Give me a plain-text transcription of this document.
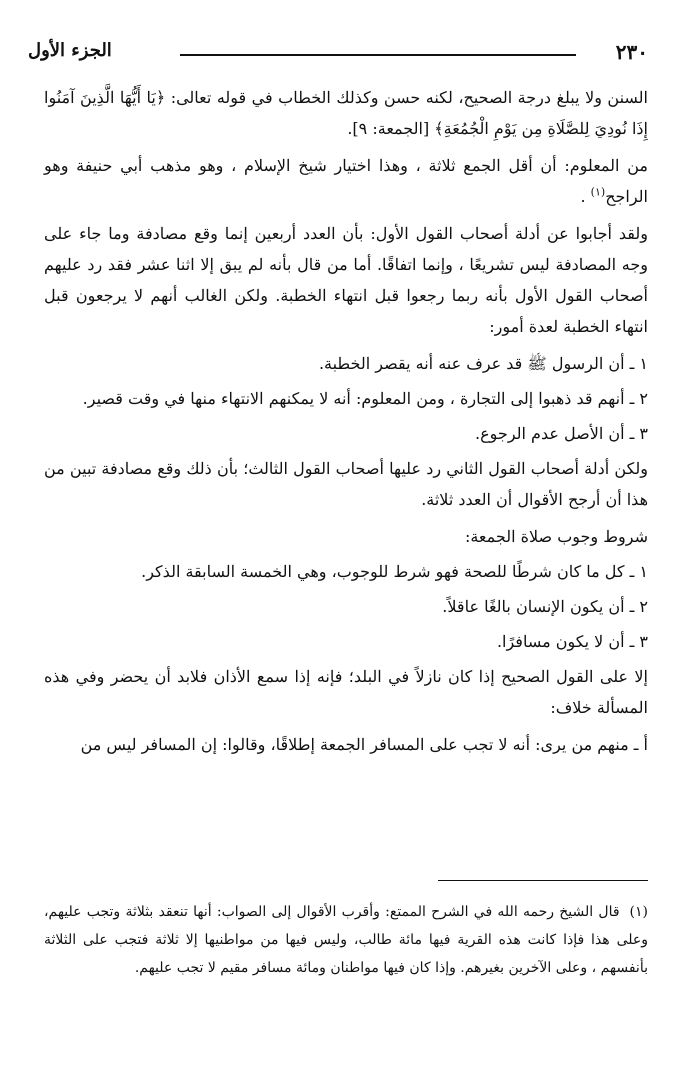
٢٣٠
الجزء الأول

السنن ولا يبلغ درجة الصحيح، لكنه حسن وكذلك الخطاب في قوله تعالى: ﴿يَا أَيُّهَا الَّذِينَ آمَنُوا إِذَا نُودِيَ لِلصَّلَاةِ مِن يَوْمِ الْجُمُعَةِ﴾ [الجمعة: ٩].

من المعلوم: أن أقل الجمع ثلاثة ، وهذا اختيار شيخ الإسلام ، وهو مذهب أبي حنيفة وهو الراجح$^{(١)}$ .

ولقد أجابوا عن أدلة أصحاب القول الأول: بأن العدد أربعين إنما وقع مصادفة وما جاء على وجه المصادفة ليس تشريعًا ، وإنما اتفاقًا. أما من قال بأنه لم يبق إلا اثنا عشر فقد رد عليهم أصحاب القول الأول بأنه ربما رجعوا قبل انتهاء الخطبة. ولكن الغالب أنهم لا يرجعون قبل انتهاء الخطبة لعدة أمور:

١ ـ أن الرسول ﷺ قد عرف عنه أنه يقصر الخطبة.

٢ ـ أنهم قد ذهبوا إلى التجارة ، ومن المعلوم: أنه لا يمكنهم الانتهاء منها في وقت قصير.

٣ ـ أن الأصل عدم الرجوع.

ولكن أدلة أصحاب القول الثاني رد عليها أصحاب القول الثالث؛ بأن ذلك وقع مصادفة تبين من هذا أن أرجح الأقوال أن العدد ثلاثة.

شروط وجوب صلاة الجمعة:

١ ـ كل ما كان شرطًا للصحة فهو شرط للوجوب، وهي الخمسة السابقة الذكر.

٢ ـ أن يكون الإنسان بالغًا عاقلاً.

٣ ـ أن لا يكون مسافرًا.

إلا على القول الصحيح إذا كان نازلاً في البلد؛ فإنه إذا سمع الأذان فلابد أن يحضر وفي هذه المسألة خلاف:

أ ـ منهم من يرى: أنه لا تجب على المسافر الجمعة إطلاقًا، وقالوا: إن المسافر ليس من

(١)قال الشيخ رحمه الله في الشرح الممتع: وأقرب الأقوال إلى الصواب: أنها تنعقد بثلاثة وتجب عليهم، وعلى هذا فإذا كانت هذه القرية فيها مائة طالب، وليس فيها من مواطنيها إلا ثلاثة فتجب على الثلاثة بأنفسهم ، وعلى الآخرين بغيرهم. وإذا كان فيها مواطنان ومائة مسافر مقيم لا تجب عليهم.
